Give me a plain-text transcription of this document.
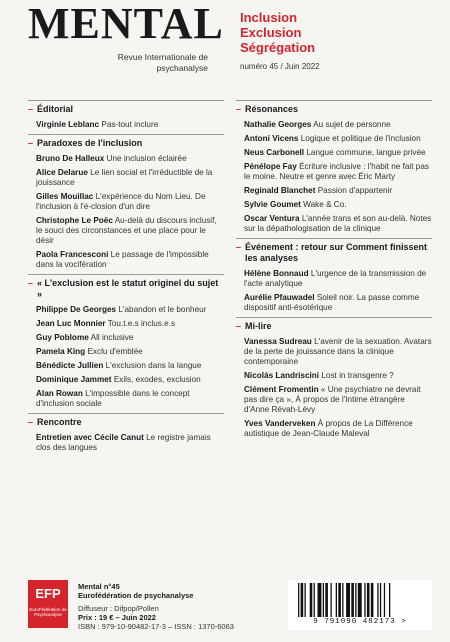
MENTAL
Revue Internationale de psychanalyse
Inclusion
Exclusion
Ségrégation
numéro 45 / Juin 2022
– Éditorial
Virginie Leblanc Pas-tout inclure
– Paradoxes de l'inclusion
Bruno De Halleux Une inclusion éclairée
Alice Delarue Le lien social et l'irréductible de la jouissance
Gilles Mouillac L'expérience du Nom Lieu. De l'inclusion à l'é-closion d'un dire
Christophe Le Poëc Au-delà du discours inclusif, le souci des circonstances et une place pour le désir
Paola Francesconi Le passage de l'impossible dans la vocifération
– « L'exclusion est le statut originel du sujet »
Philippe De Georges L'abandon et le bonheur
Jean Luc Monnier Tou.t.e.s inclus.e.s
Guy Poblome All inclusive
Pamela King Exclu d'emblée
Bénédicte Jullien L'exclusion dans la langue
Dominique Jammet Exils, exodes, exclusion
Alan Rowan L'impossible dans le concept d'inclusion sociale
– Rencontre
Entretien avec Cécile Canut Le registre jamais clos des langues
– Résonances
Nathalie Georges Au sujet de personne
Antoni Vicens Logique et politique de l'inclusion
Neus Carbonell Langue commune, langue privée
Pénélope Fay Écriture inclusive : l'habit ne fait pas le moine. Neutre et genre avec Éric Marty
Reginald Blanchet Passion d'appartenir
Sylvie Goumet Wake & Co.
Oscar Ventura L'année trans et son au-delà. Notes sur la dépathologisation de la clinique
– Événement : retour sur Comment finissent les analyses
Hélène Bonnaud L'urgence de la transmission de l'acte analytique
Aurélie Pfauwadel Soleil noir. La passe comme dispositif anti-ésotérique
– Mi-lire
Vanessa Sudreau L'avenir de la sexuation. Avatars de la perte de jouissance dans la clinique contemporaine
Nicolás Landriscini Lost in transgenre ?
Clément Fromentin « Une psychiatre ne devrait pas dire ça », À propos de l'Intime étrangère d'Anne Révah-Lévy
Yves Vanderveken À propos de La Différence autistique de Jean-Claude Maleval
EFP
EuroFédération de Psychanalyse
Mental n°45
Eurofédération de psychanalyse
Diffuseur : Difpop/Pollen
Prix : 19 € – Juin 2022
ISBN : 979-10-90482-17-3 – ISSN : 1370-6063	9 791090 482173 >
